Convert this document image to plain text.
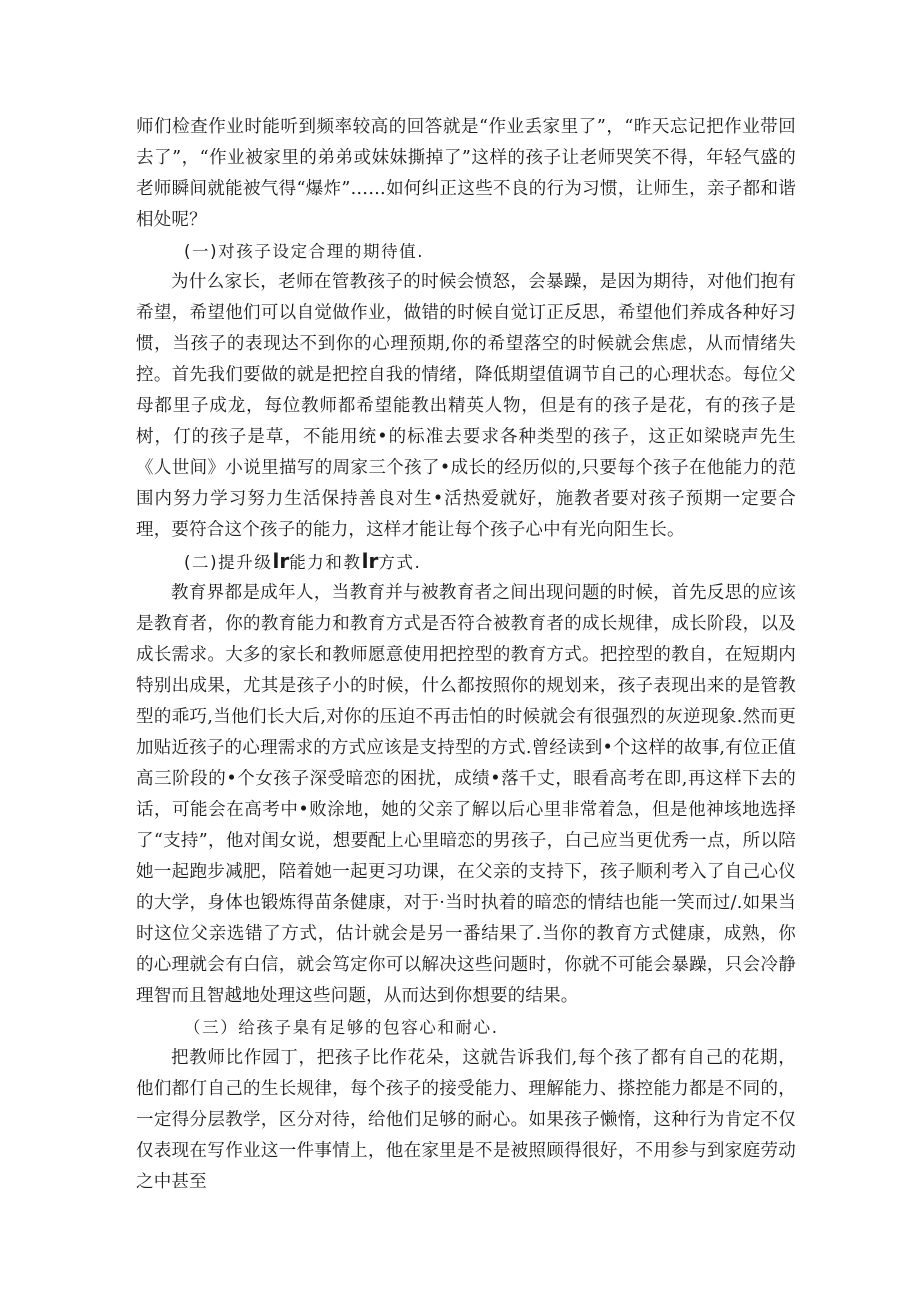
师们检查作业时能听到频率较高的回答就是“作业丢家里了”，“昨天忘记把作业带回去了”，“作业被家里的弟弟或妹妹撕掉了”这样的孩子让老师哭笑不得，年轻气盛的老师瞬间就能被气得“爆炸”……如何纠正这些不良的行为习惯，让师生，亲子都和谐相处呢？

(一)对孩子设定合理的期待值.

为什么家长，老师在管教孩子的时候会愤怒，会暴躁，是因为期待，对他们抱有希望，希望他们可以自觉做作业，做错的时候自觉订正反思，希望他们养成各种好习惯，当孩子的表现达不到你的心理预期,你的希望落空的时候就会焦虑，从而情绪失控。首先我们要做的就是把控自我的情绪，降低期望值调节自己的心理状态。每位父母都里子成龙，每位教师都希望能教出精英人物，但是有的孩子是花，有的孩子是树，仃的孩子是草，不能用统•的标准去要求各种类型的孩子，这正如梁晓声先生《人世间》小说里描写的周家三个孩了•成长的经历似的,只要每个孩子在他能力的范围内努力学习努力生活保持善良对生•活热爱就好，施教者要对孩子预期一定要合理，要符合这个孩子的能力，这样才能让每个孩子心中有光向阳生长。

(二)提升级lr能力和教lr方式.

教育界都是成年人，当教育并与被教育者之间出现问题的时候，首先反思的应该是教育者，你的教育能力和教育方式是否符合被教育者的成长规律，成长阶段，以及成长需求。大多的家长和教师愿意使用把控型的教育方式。把控型的教自，在短期内特别出成果，尤其是孩子小的时候，什么都按照你的规划来，孩子表现出来的是管教型的乖巧,当他们长大后,对你的压迫不再击怕的时候就会有很强烈的灰逆现象.然而更加贴近孩子的心理需求的方式应该是支持型的方式.曾经读到•个这样的故事,有位正值高三阶段的•个女孩子深受暗恋的困扰，成绩•落千丈，眼看高考在即,再这样下去的话，可能会在高考中•败涂地，她的父亲了解以后心里非常着急，但是他神垓地选择了“支持”，他对闺女说，想要配上心里暗恋的男孩子，白己应当更优秀一点，所以陪她一起跑步减肥，陪着她一起更习功课，在父亲的支持下，孩子顺利考入了自己心仪的大学，身体也锻炼得苗条健康，对于·当时执着的暗恋的情结也能一笑而过/.如果当时这位父亲选错了方式，估计就会是另一番结果了.当你的教育方式健康，成熟，你的心理就会有白信，就会笃定你可以解决这些问题时，你就不可能会暴躁，只会冷静理智而且智越地处理这些问题，从而达到你想要的结果。

（三）给孩子臬有足够的包容心和耐心.

把教师比作园丁，把孩子比作花朵，这就告诉我们,每个孩了都有自己的花期，他们都仃自己的生长规律，每个孩子的接受能力、理解能力、搽控能力都是不同的，一定得分层教学，区分对待，给他们足够的耐心。如果孩子懒惰，这种行为肯定不仅仅表现在写作业这一件事情上，他在家里是不是被照顾得很好，不用参与到家庭劳动之中甚至
